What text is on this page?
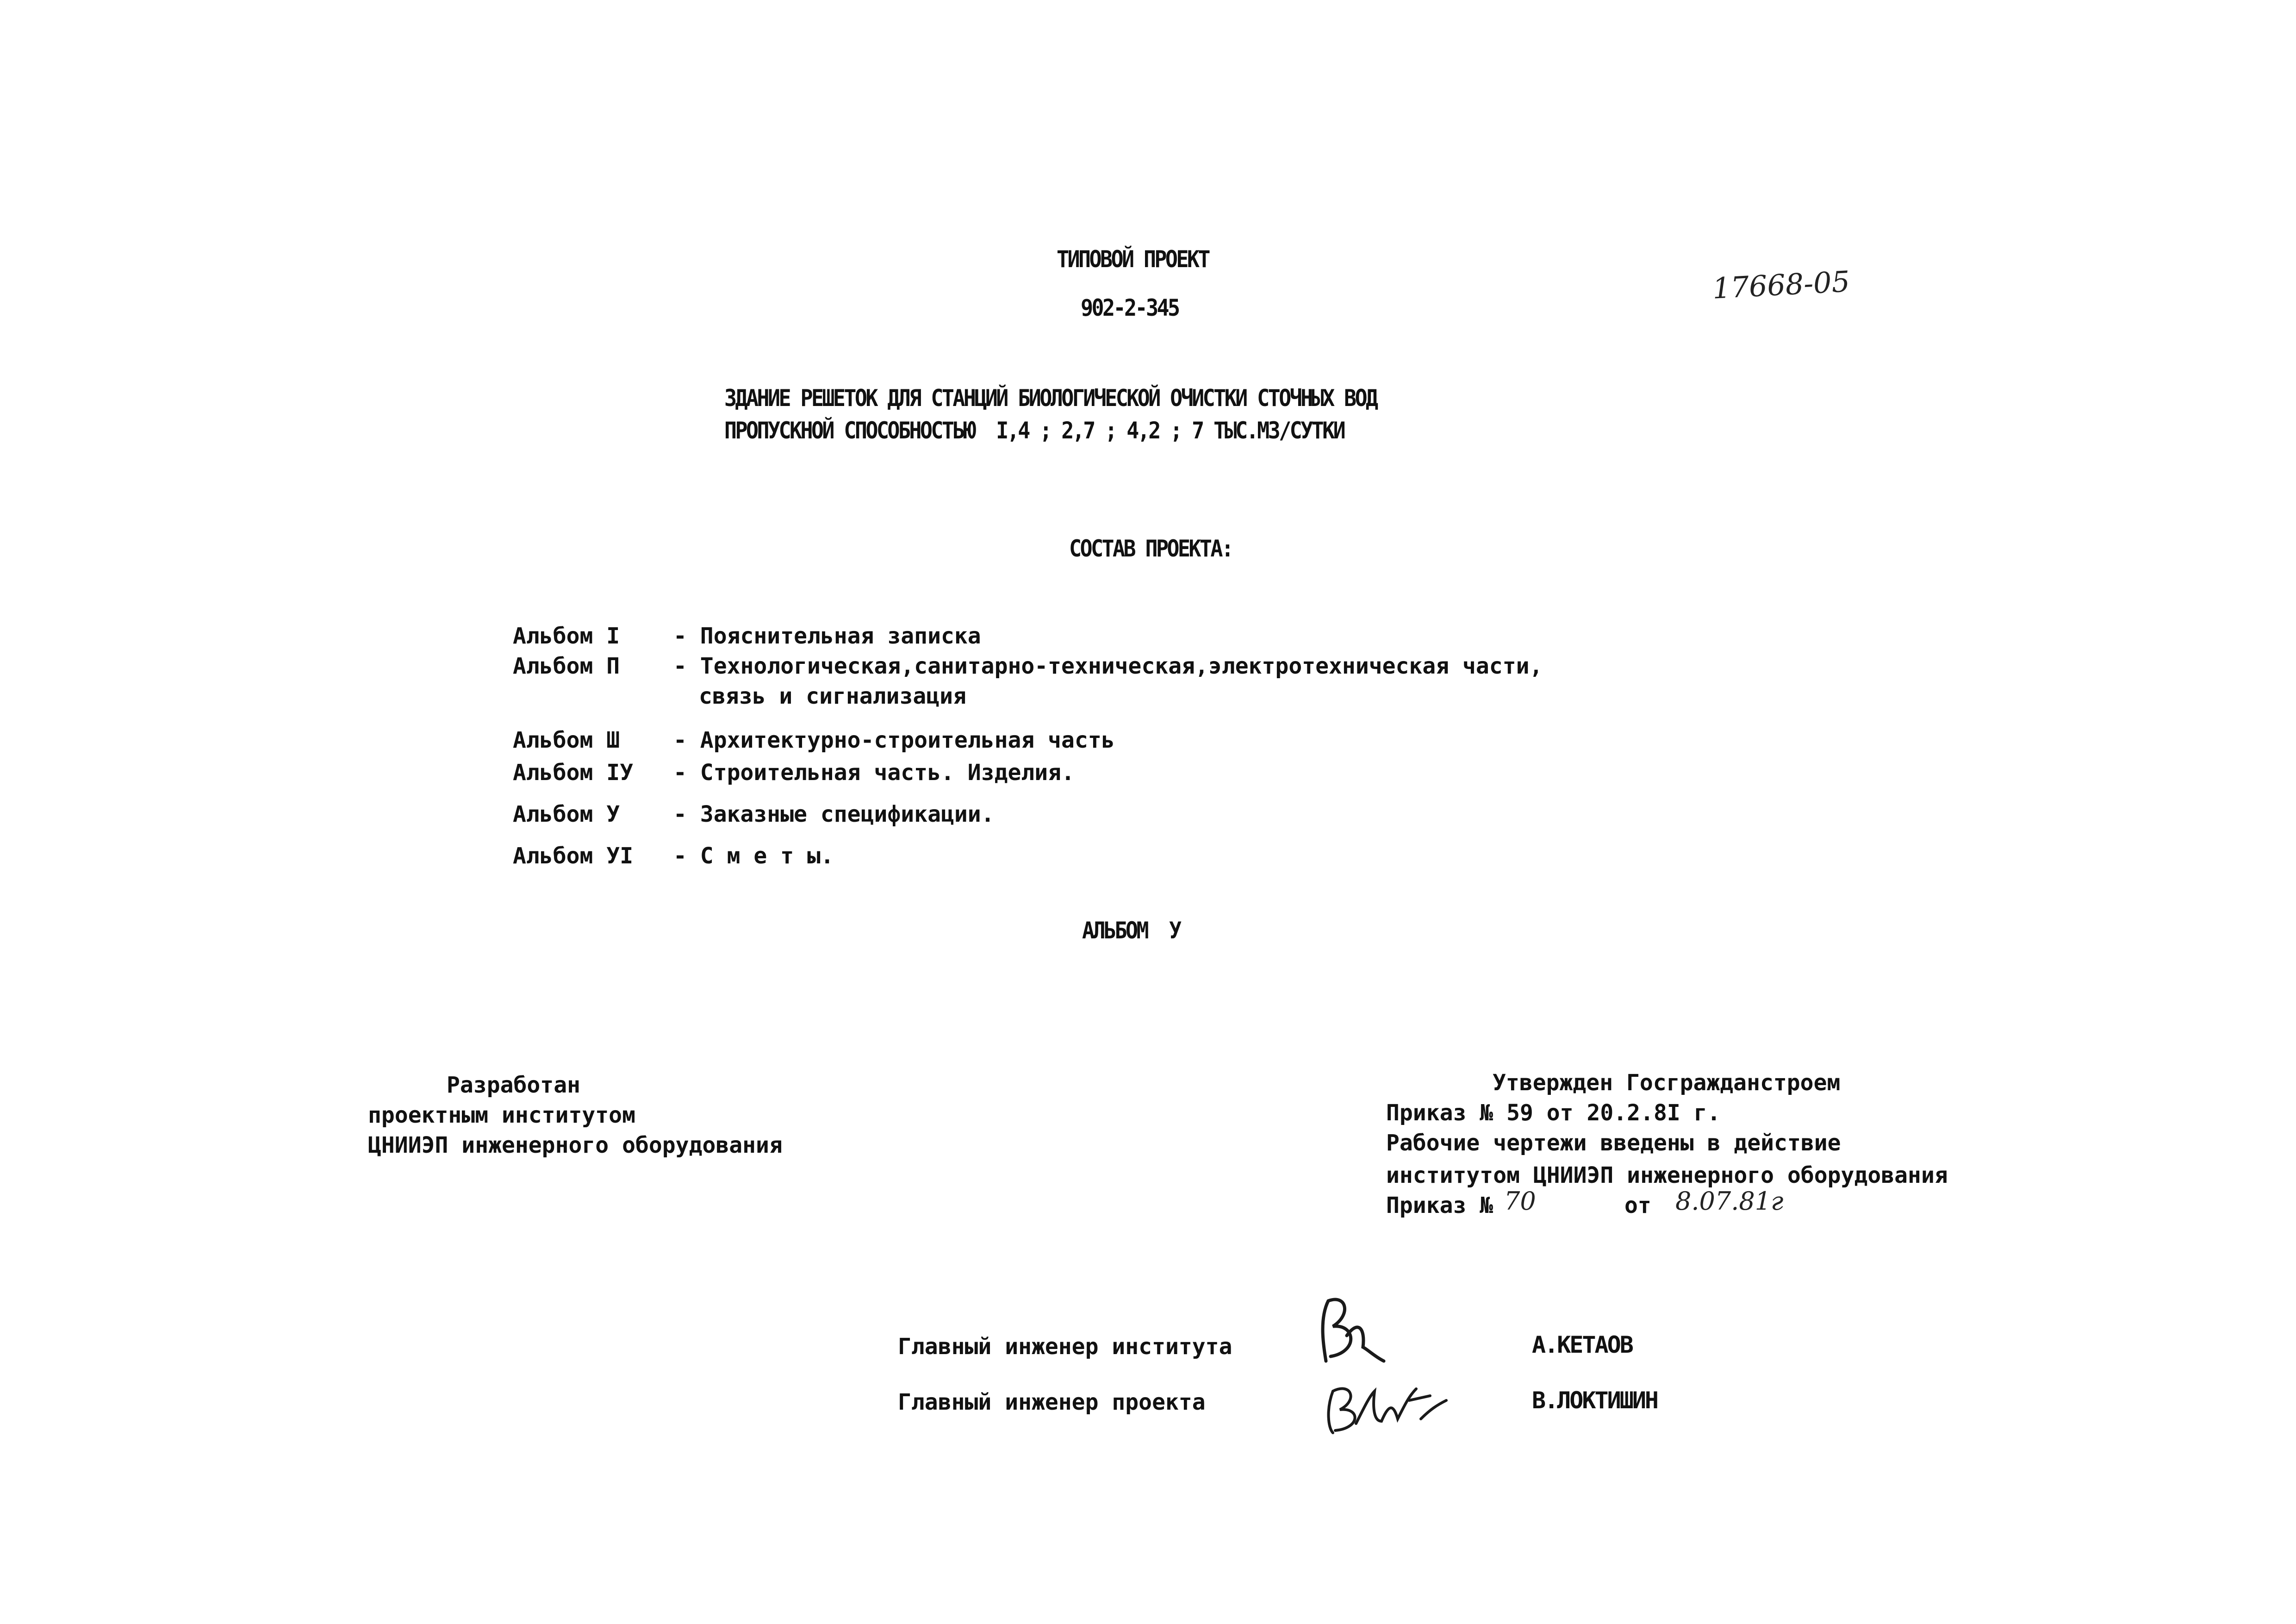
ТИПОВОЙ ПРОЕКТ
902-2-345
17668-05
ЗДАНИЕ РЕШЕТОК ДЛЯ СТАНЦИЙ БИОЛОГИЧЕСКОЙ ОЧИСТКИ СТОЧНЫХ ВОД
ПРОПУСКНОЙ СПОСОБНОСТЬЮ  I,4 ; 2,7 ; 4,2 ; 7 ТЫС.МЗ/СУТКИ
СОСТАВ ПРОЕКТА:
Альбом I - Пояснительная записка
Альбом П - Технологическая,санитарно-техническая,электротехническая части,
связь и сигнализация
Альбом Ш - Архитектурно-строительная часть
Альбом IУ - Строительная часть. Изделия.
Альбом У - Заказные спецификации.
Альбом УI - С м е т ы.
АЛЬБОМ  У
Разработан
проектным институтом
ЦНИИЭП инженерного оборудования
Утвержден Госгражданстроем
Приказ № 59 от 20.2.8I г.
Рабочие чертежи введены в действие
институтом ЦНИИЭП инженерного оборудования
Приказ № 70	от 8.07.81г
Главный инженер института	А.КЕТАОВ
Главный инженер проекта	В.ЛОКТИШИН
